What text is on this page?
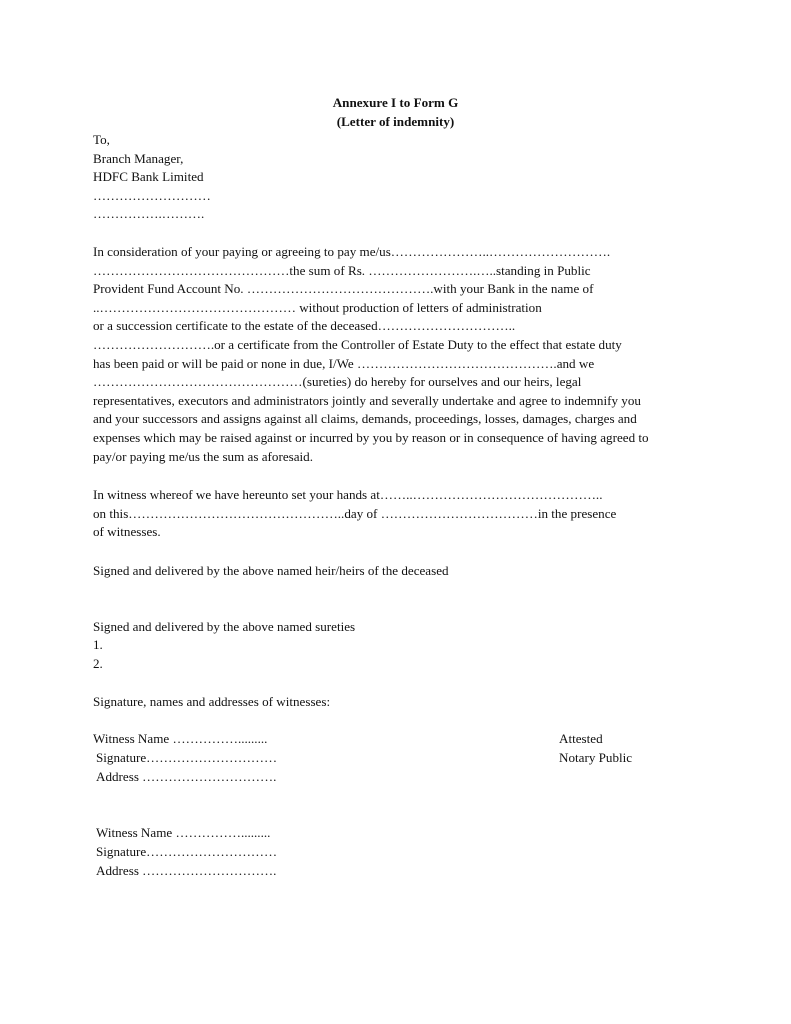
Annexure I to Form G
(Letter of indemnity)
To,
Branch Manager,
HDFC Bank Limited
………………………
…………….……….
In consideration of your paying or agreeing to pay me/us…………………..……………………….
………………………………………the sum of Rs. …………………….…..standing in Public
Provident Fund Account No. …………………………………….with your Bank in the name of
..……………………………………… without production of letters of administration
or a succession certificate to the estate of the deceased…………………………..
……………………….or a certificate from the Controller of Estate Duty to the effect that estate duty
has been paid or will be paid or none in due, I/We ……………………………………….and we
…………………………………………(sureties) do hereby for ourselves and our heirs, legal
representatives, executors and administrators jointly and severally undertake and agree to indemnify you
and your successors and assigns against all claims, demands, proceedings, losses, damages, charges and
expenses which may be raised against or incurred by you by reason or in consequence of having agreed to
pay/or paying me/us the sum as aforesaid.
In witness whereof we have hereunto set your hands at……..……………………………………..
on this…………………………………………..day of ………………………………in the presence
of witnesses.
Signed and delivered by the above named heir/heirs of the deceased
Signed and delivered by the above named sureties
1.
2.
Signature, names and addresses of witnesses:
Witness Name …………….........
Signature…………………………
Address ………………………….
Attested
Notary Public
Witness Name …………….........
Signature…………………………
Address ………………………….
